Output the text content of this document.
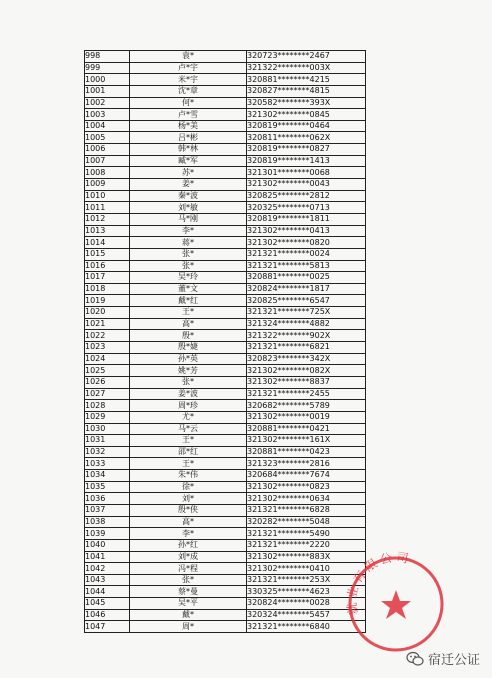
998	袁*	320723********2467
999	卢*宇	321322********003X
1000	米*宇	320881********4215
1001	沈*章	320827********4815
1002	何*	320582********393X
1003	卢*雪	321302********0845
1004	杨*美	320819********0464
1005	吕*彬	320811********062X
1006	韩*林	320819********0827
1007	臧*军	320819********1413
1008	苏*	321301********0068
1009	姜*	321302********0043
1010	秦*波	320825********2812
1011	刘*敏	320325********0713
1012	马*刚	320819********1811
1013	李*	321302********0413
1014	蒋*	321302********0820
1015	张*	321321********0024
1016	张*	321321********5813
1017	吴*玲	320881********0025
1018	董*文	320824********1817
1019	戴*红	320825********6547
1020	王*	321321********725X
1021	高*	321324********4882
1022	殷*	321322********902X
1023	殷*婕	321321********6821
1024	孙*英	320823********342X
1025	姚*芳	321302********082X
1026	张*	321302********8837
1027	姜*波	321321********2455
1028	周*珍	320682********5789
1029	尤*	321302********0019
1030	马*云	320881********0421
1031	王*	321302********161X
1032	邵*红	320881********0423
1033	王*	321323********2816
1034	朱*伟	320684********7674
1035	徐*	321302********0823
1036	刘*	321302********0634
1037	殷*侠	321321********6828
1038	高*	320282********5048
1039	李*	321321********5490
1040	孙*红	321321********2220
1041	刘*成	321302********883X
1042	冯*程	321302********0410
1043	张*	321321********253X
1044	蔡*曼	330325********4623
1045	吴*平	320824********0028
1046	戴*	320324********5457
1047	周*	321321********6840
就业有限公司
宿迁公证
